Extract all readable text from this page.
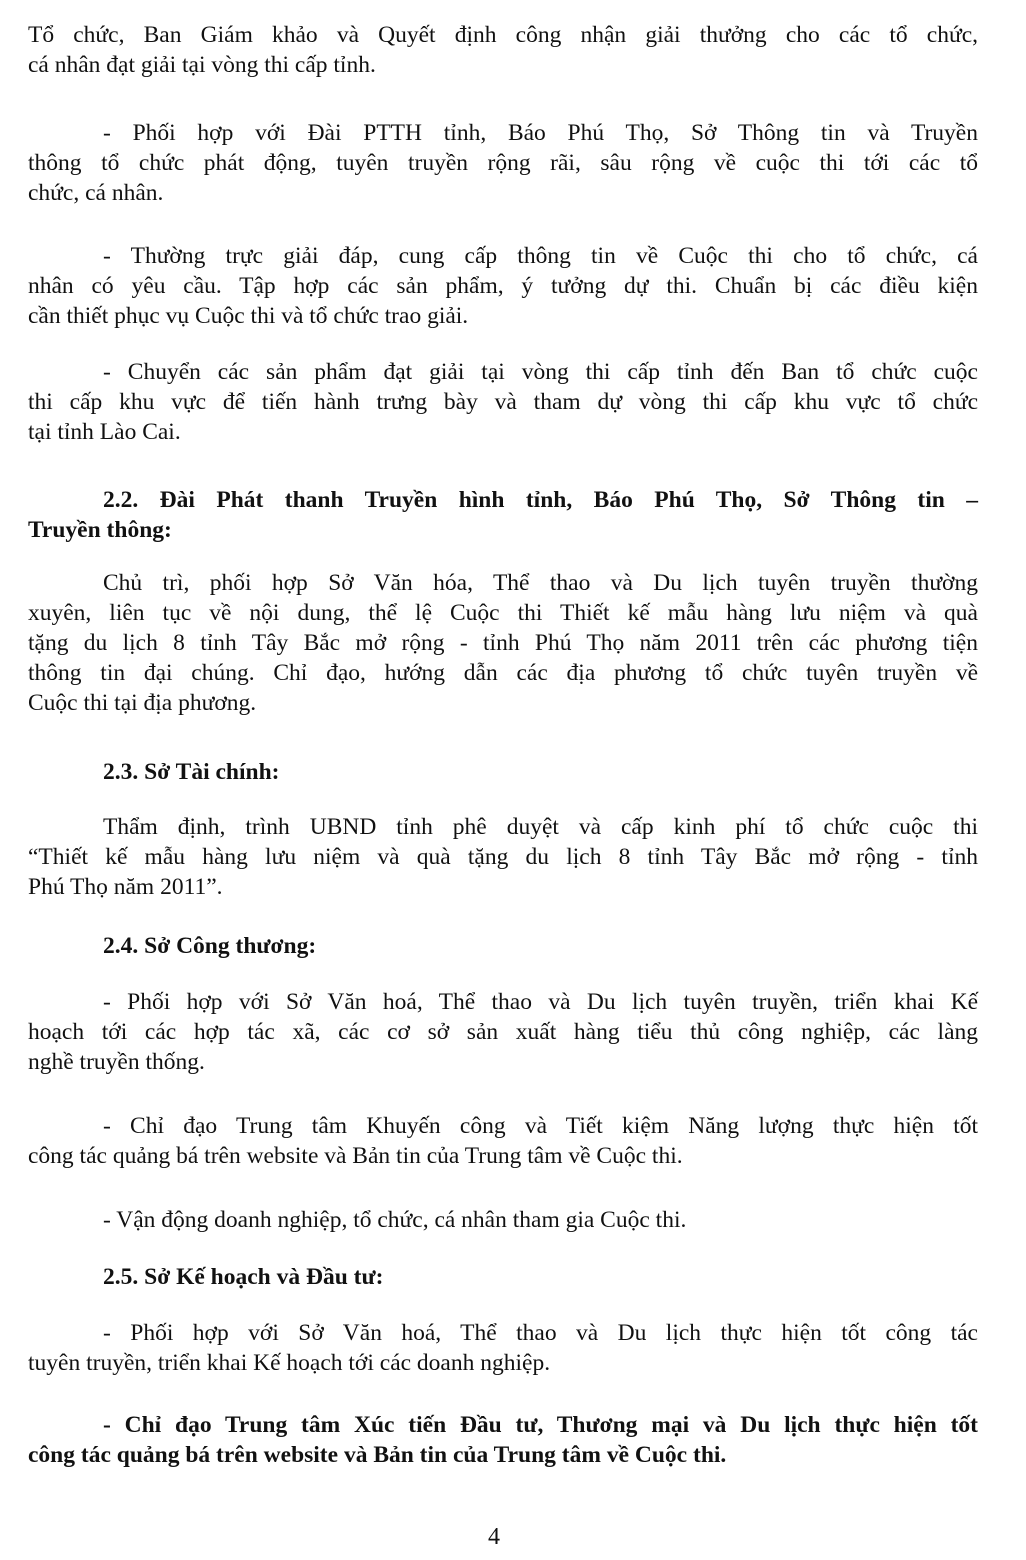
Tổ chức, Ban Giám khảo và Quyết định công nhận giải thưởng cho các tổ chức,
cá nhân đạt giải tại vòng thi cấp tỉnh.
- Phối hợp với Đài PTTH tỉnh, Báo Phú Thọ, Sở Thông tin và Truyền
thông tổ chức phát động, tuyên truyền rộng rãi, sâu rộng về cuộc thi tới các tổ
chức, cá nhân.
- Thường trực giải đáp, cung cấp thông tin về Cuộc thi cho tổ chức, cá
nhân có yêu cầu. Tập hợp các sản phẩm, ý tưởng dự thi. Chuẩn bị các điều kiện
cần thiết phục vụ Cuộc thi và tổ chức trao giải.
- Chuyển các sản phẩm đạt giải tại vòng thi cấp tỉnh đến Ban tổ chức cuộc
thi cấp khu vực để tiến hành trưng bày và tham dự vòng thi cấp khu vực tổ chức
tại tỉnh Lào Cai.
2.2. Đài Phát thanh Truyền hình tỉnh, Báo Phú Thọ, Sở Thông tin –
Truyền thông:
Chủ trì, phối hợp Sở Văn hóa, Thể thao và Du lịch tuyên truyền thường
xuyên, liên tục về nội dung, thể lệ Cuộc thi Thiết kế mẫu hàng lưu niệm và quà
tặng du lịch 8 tỉnh Tây Bắc mở rộng - tỉnh Phú Thọ năm 2011 trên các phương tiện
thông tin đại chúng. Chỉ đạo, hướng dẫn các địa phương tổ chức tuyên truyền về
Cuộc thi tại địa phương.
2.3. Sở Tài chính:
Thẩm định, trình UBND tỉnh phê duyệt và cấp kinh phí tổ chức cuộc thi
“Thiết kế mẫu hàng lưu niệm và quà tặng du lịch 8 tỉnh Tây Bắc mở rộng - tỉnh
Phú Thọ năm 2011”.
2.4. Sở Công thương:
- Phối hợp với Sở Văn hoá, Thể thao và Du lịch tuyên truyền, triển khai Kế
hoạch tới các hợp tác xã, các cơ sở sản xuất hàng tiểu thủ công nghiệp, các làng
nghề truyền thống.
- Chỉ đạo Trung tâm Khuyến công và Tiết kiệm Năng lượng thực hiện tốt
công tác quảng bá trên website và Bản tin của Trung tâm về Cuộc thi.
- Vận động doanh nghiệp, tổ chức, cá nhân tham gia Cuộc thi.
2.5. Sở Kế hoạch và Đầu tư:
- Phối hợp với Sở Văn hoá, Thể thao và Du lịch thực hiện tốt công tác
tuyên truyền, triển khai Kế hoạch tới các doanh nghiệp.
- Chỉ đạo Trung tâm Xúc tiến Đầu tư, Thương mại và Du lịch thực hiện tốt
công tác quảng bá trên website và Bản tin của Trung tâm về Cuộc thi.
4
